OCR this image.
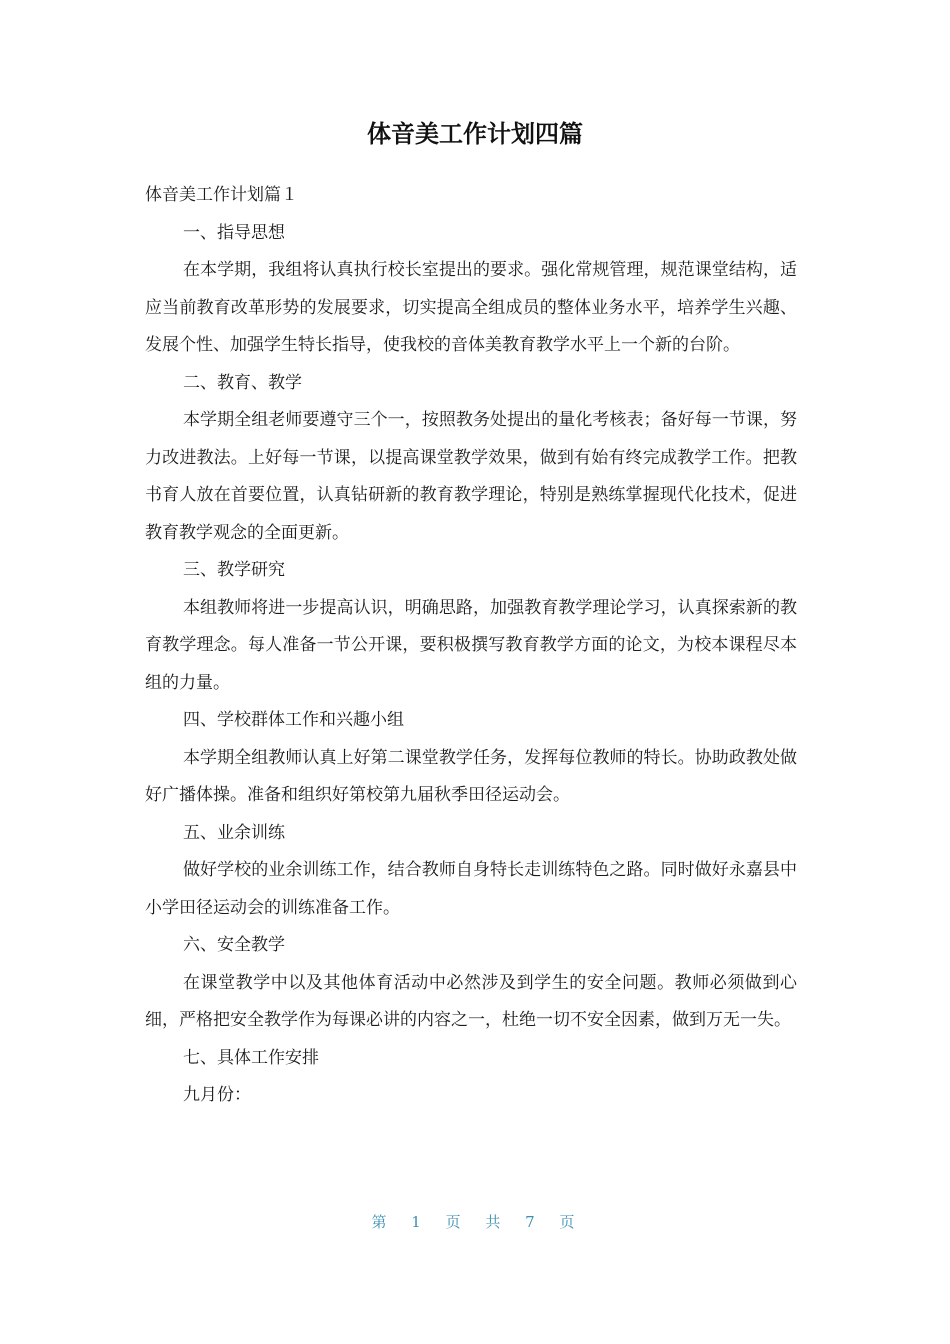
体音美工作计划四篇

体音美工作计划篇１

一、指导思想

在本学期，我组将认真执行校长室提出的要求。强化常规管理，规范课堂结构，适应当前教育改革形势的发展要求，切实提高全组成员的整体业务水平，培养学生兴趣、发展个性、加强学生特长指导，使我校的音体美教育教学水平上一个新的台阶。

二、教育、教学

本学期全组老师要遵守三个一，按照教务处提出的量化考核表；备好每一节课，努力改进教法。上好每一节课，以提高课堂教学效果，做到有始有终完成教学工作。把教书育人放在首要位置，认真钻研新的教育教学理论，特别是熟练掌握现代化技术，促进教育教学观念的全面更新。

三、教学研究

本组教师将进一步提高认识，明确思路，加强教育教学理论学习，认真探索新的教育教学理念。每人准备一节公开课，要积极撰写教育教学方面的论文，为校本课程尽本组的力量。

四、学校群体工作和兴趣小组

本学期全组教师认真上好第二课堂教学任务，发挥每位教师的特长。协助政教处做好广播体操。准备和组织好第校第九届秋季田径运动会。

五、业余训练

做好学校的业余训练工作，结合教师自身特长走训练特色之路。同时做好永嘉县中小学田径运动会的训练准备工作。

六、安全教学

在课堂教学中以及其他体育活动中必然涉及到学生的安全问题。教师必须做到心细，严格把安全教学作为每课必讲的内容之一，杜绝一切不安全因素，做到万无一失。

七、具体工作安排

九月份：

第 1 页 共 7 页
